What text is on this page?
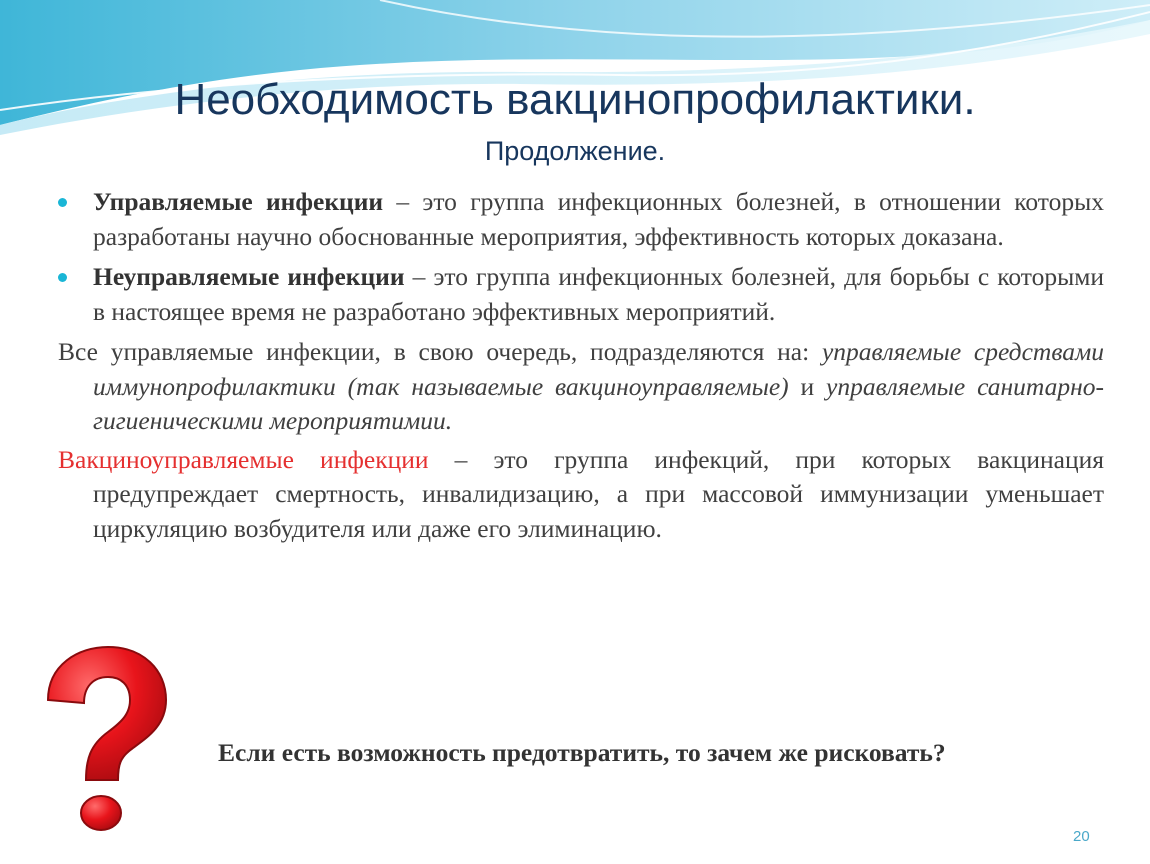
Необходимость вакцинопрофилактики.
Продолжение.
Управляемые инфекции – это группа инфекционных болезней, в отношении которых разработаны научно обоснованные мероприятия, эффективность которых доказана.
Неуправляемые инфекции – это группа инфекционных болезней, для борьбы с которыми в настоящее время не разработано эффективных мероприятий.
Все управляемые инфекции, в свою очередь, подразделяются на: управляемые средствами иммунопрофилактики (так называемые вакциноуправляемые) и управляемые санитарно-гигиеническими мероприятимии.
Вакциноуправляемые инфекции – это группа инфекций, при которых вакцинация предупреждает смертность, инвалидизацию, а при массовой иммунизации уменьшает циркуляцию возбудителя или даже его элиминацию.
Если есть возможность предотвратить, то зачем же рисковать?
20
